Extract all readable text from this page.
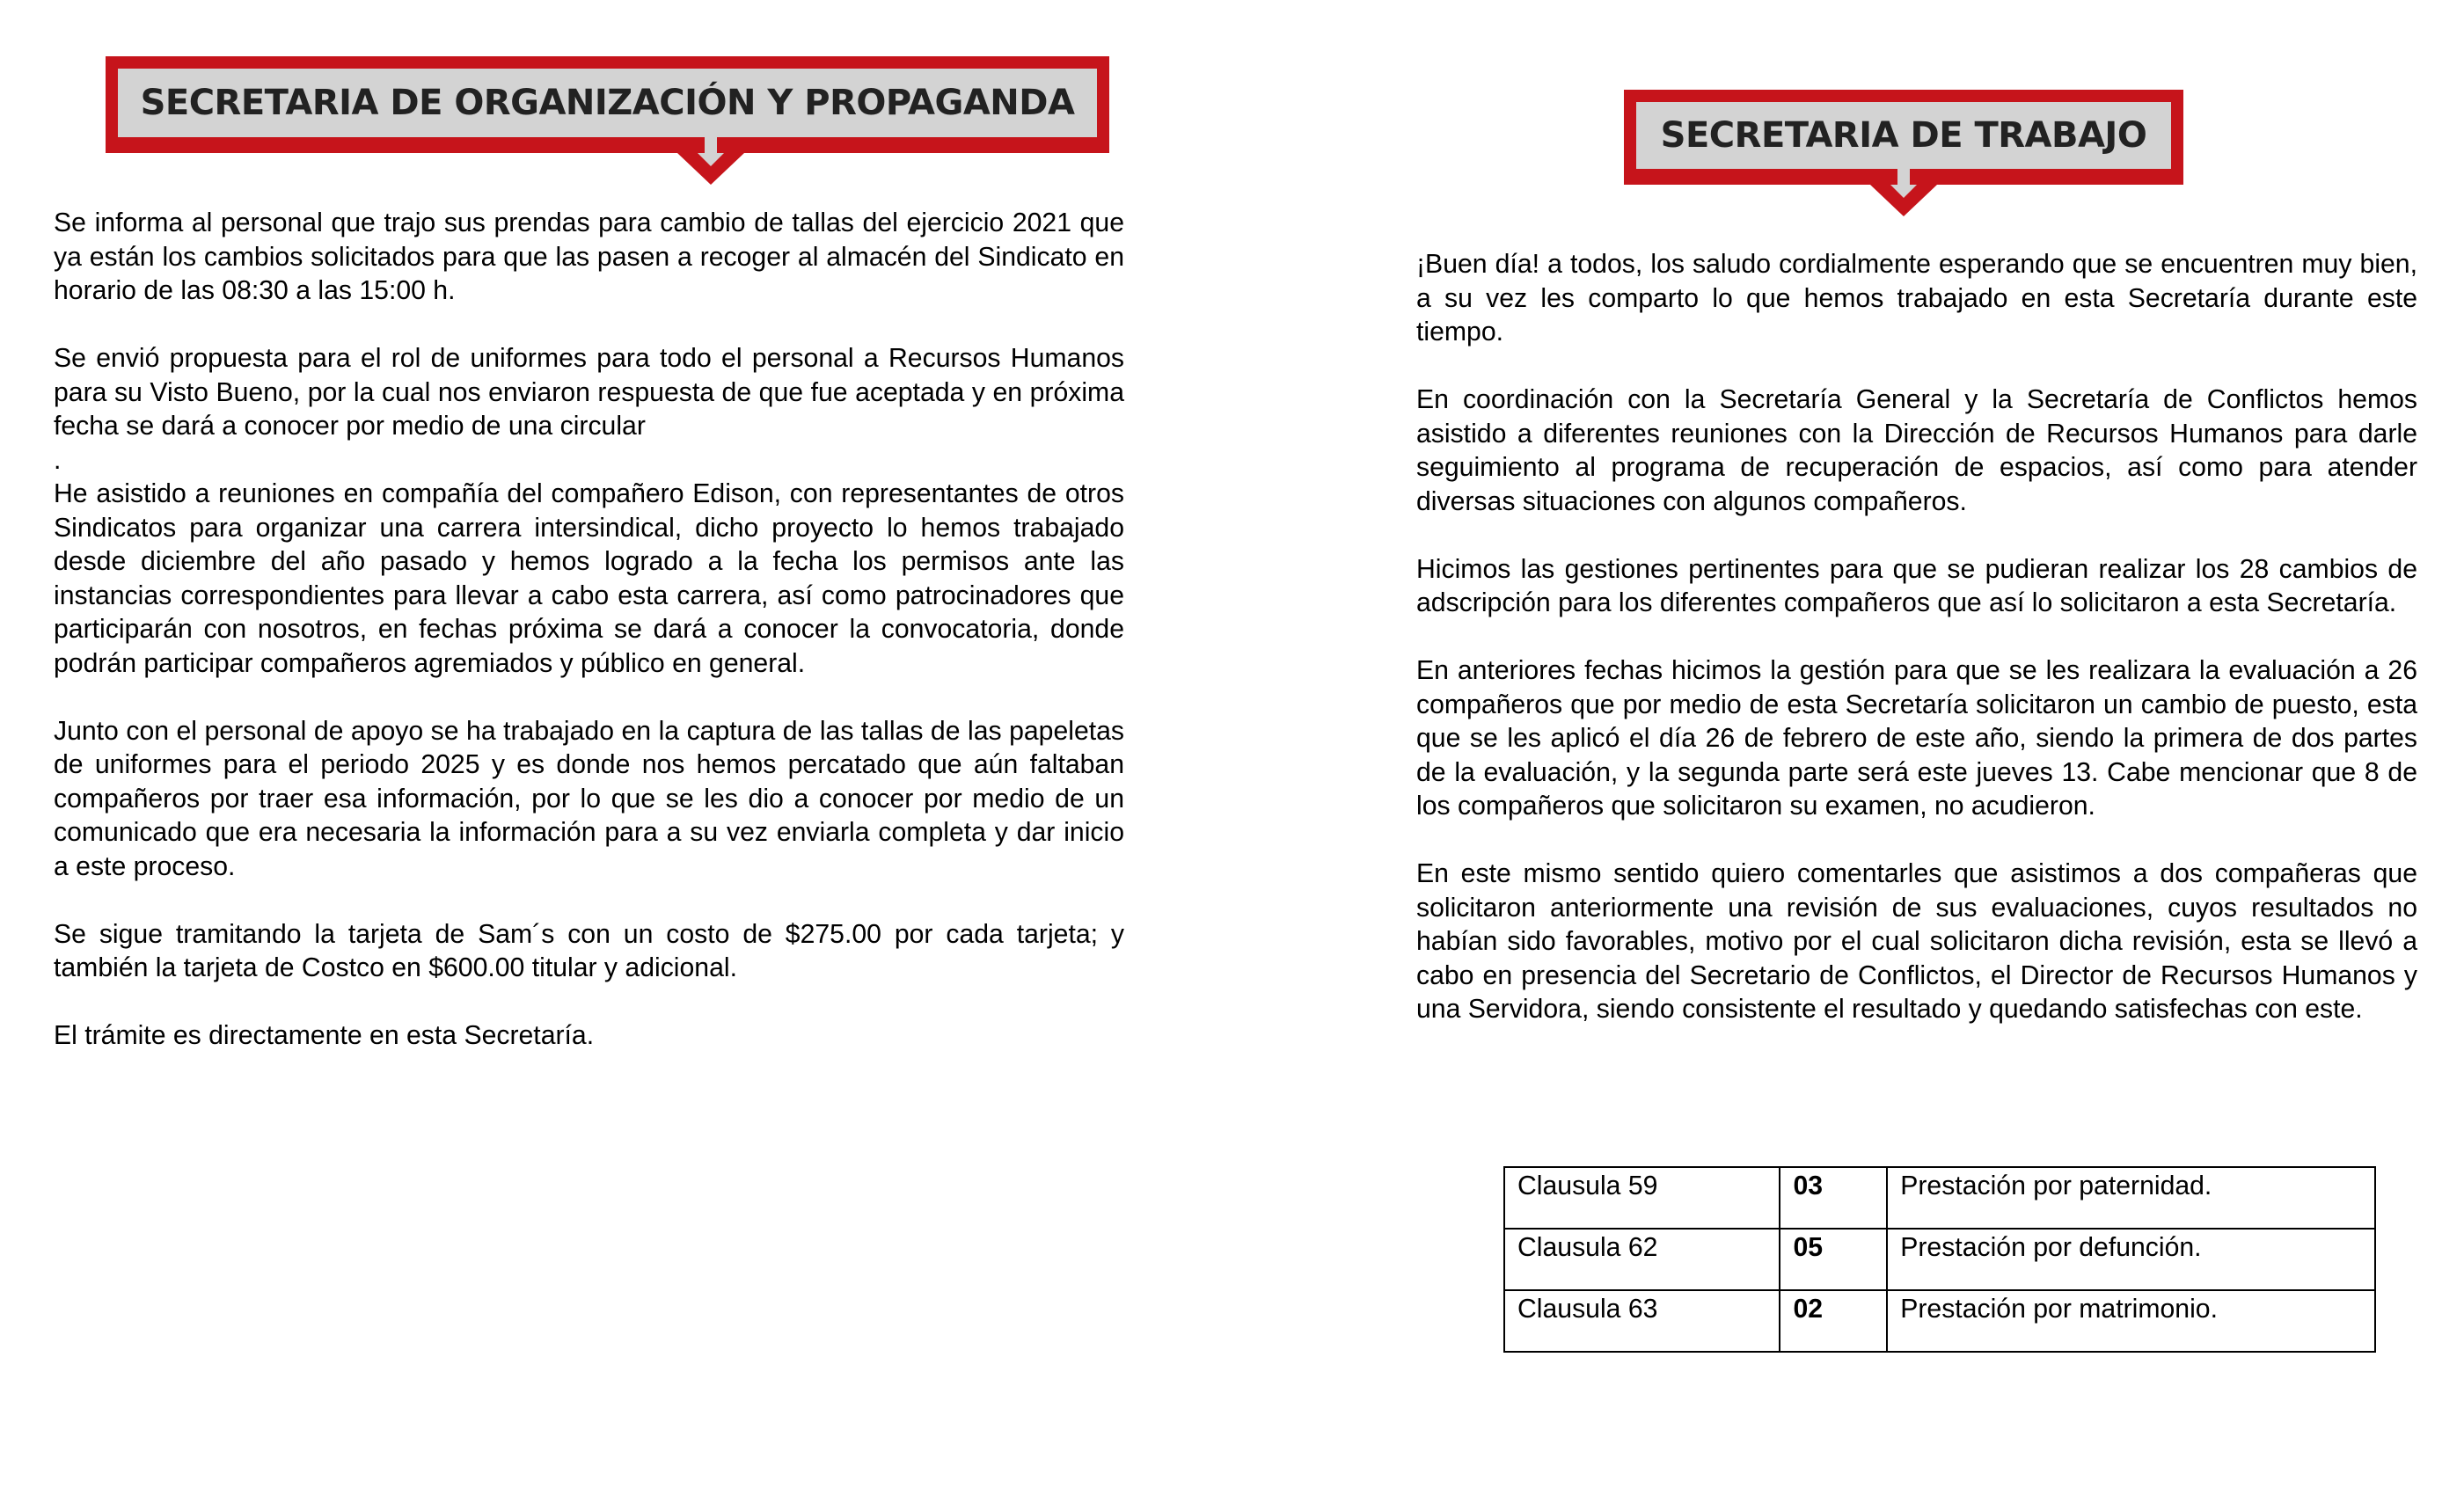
SECRETARIA DE ORGANIZACIÓN Y PROPAGANDA

Se informa al personal que trajo sus prendas para cambio de tallas del ejercicio 2021 que ya están los cambios solicitados para que las pasen a recoger al almacén del Sindicato en horario de las 08:30 a las 15:00 h.

Se envió propuesta para el rol de uniformes para todo el personal a Recursos Humanos para su Visto Bueno, por la cual nos enviaron respuesta de que fue aceptada y en próxima fecha se dará a conocer por medio de una circular

.

He asistido a reuniones en compañía del compañero Edison, con representantes de otros Sindicatos para organizar una carrera intersindical, dicho proyecto lo hemos trabajado desde diciembre del año pasado y hemos logrado a la fecha los permisos ante las instancias correspondientes para llevar a cabo esta carrera, así como patrocinadores que participarán con nosotros, en fechas próxima se dará a conocer la convocatoria, donde podrán participar compañeros agremiados y público en general.

Junto con el personal de apoyo se ha trabajado en la captura de las tallas de las papeletas de uniformes para el periodo 2025 y es donde nos hemos percatado que aún faltaban compañeros por traer esa información, por lo que se les dio a conocer por medio de un comunicado que era necesaria la información para a su vez enviarla completa y dar inicio a este proceso.

Se sigue tramitando la tarjeta de Sam´s con un costo de $275.00 por cada tarjeta; y también la tarjeta de Costco en $600.00 titular y adicional.

El trámite es directamente en esta Secretaría.

SECRETARIA DE TRABAJO

¡Buen día! a todos, los saludo cordialmente esperando que se encuentren muy bien, a su vez les comparto lo que hemos trabajado en esta Secretaría durante este tiempo.

En coordinación con la Secretaría General y la Secretaría de Conflictos hemos asistido a diferentes reuniones con la Dirección de Recursos Humanos para darle seguimiento al programa de recuperación de espacios, así como para atender diversas situaciones con algunos compañeros.

Hicimos las gestiones pertinentes para que se pudieran realizar los 28 cambios de adscripción para los diferentes compañeros que así lo solicitaron a esta Secretaría.

En anteriores fechas hicimos la gestión para que se les realizara la evaluación a 26 compañeros que por medio de esta Secretaría solicitaron un cambio de puesto, esta que se les aplicó el día 26 de febrero de este año, siendo la primera de dos partes de la evaluación, y la segunda parte será este jueves 13. Cabe mencionar que 8 de los compañeros que solicitaron su examen, no acudieron.

En este mismo sentido quiero comentarles que asistimos a dos compañeras que solicitaron anteriormente una revisión de sus evaluaciones, cuyos resultados no habían sido favorables, motivo por el cual solicitaron dicha revisión, esta se llevó a cabo en presencia del Secretario de Conflictos, el Director de Recursos Humanos y una Servidora, siendo consistente el resultado y quedando satisfechas con este.

Clausula 59	03	Prestación por paternidad.
Clausula 62	05	Prestación por defunción.
Clausula 63	02	Prestación por matrimonio.
